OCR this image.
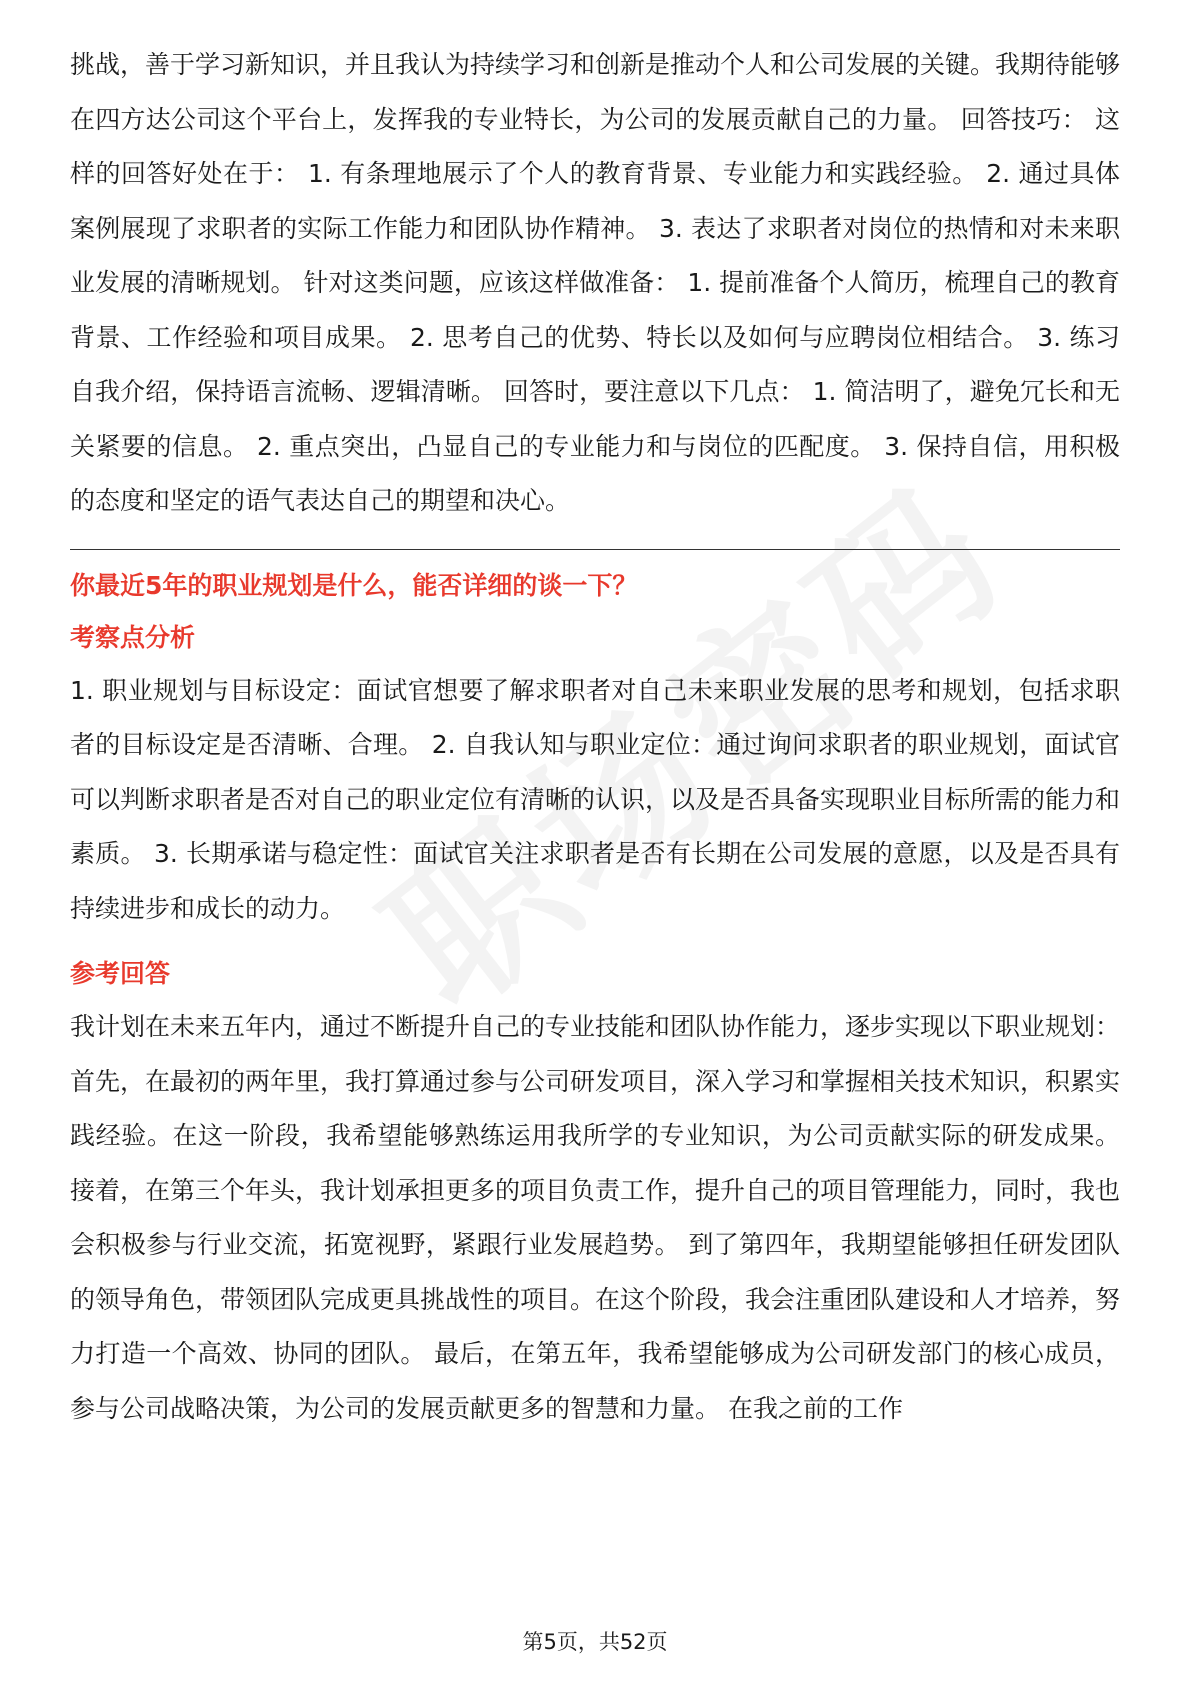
挑战，善于学习新知识，并且我认为持续学习和创新是推动个人和公司发展的关键。我期待能够在四方达公司这个平台上，发挥我的专业特长，为公司的发展贡献自己的力量。 回答技巧： 这样的回答好处在于： 1. 有条理地展示了个人的教育背景、专业能力和实践经验。 2. 通过具体案例展现了求职者的实际工作能力和团队协作精神。 3. 表达了求职者对岗位的热情和对未来职业发展的清晰规划。 针对这类问题，应该这样做准备： 1. 提前准备个人简历，梳理自己的教育背景、工作经验和项目成果。 2. 思考自己的优势、特长以及如何与应聘岗位相结合。 3. 练习自我介绍，保持语言流畅、逻辑清晰。 回答时，要注意以下几点： 1. 简洁明了，避免冗长和无关紧要的信息。 2. 重点突出，凸显自己的专业能力和与岗位的匹配度。 3. 保持自信，用积极的态度和坚定的语气表达自己的期望和决心。

你最近5年的职业规划是什么，能否详细的谈一下？

考察点分析

1. 职业规划与目标设定：面试官想要了解求职者对自己未来职业发展的思考和规划，包括求职者的目标设定是否清晰、合理。 2. 自我认知与职业定位：通过询问求职者的职业规划，面试官可以判断求职者是否对自己的职业定位有清晰的认识，以及是否具备实现职业目标所需的能力和素质。 3. 长期承诺与稳定性：面试官关注求职者是否有长期在公司发展的意愿，以及是否具有持续进步和成长的动力。

参考回答

我计划在未来五年内，通过不断提升自己的专业技能和团队协作能力，逐步实现以下职业规划： 首先，在最初的两年里，我打算通过参与公司研发项目，深入学习和掌握相关技术知识，积累实践经验。在这一阶段，我希望能够熟练运用我所学的专业知识，为公司贡献实际的研发成果。 接着，在第三个年头，我计划承担更多的项目负责工作，提升自己的项目管理能力，同时，我也会积极参与行业交流，拓宽视野，紧跟行业发展趋势。 到了第四年，我期望能够担任研发团队的领导角色，带领团队完成更具挑战性的项目。在这个阶段，我会注重团队建设和人才培养，努力打造一个高效、协同的团队。 最后，在第五年，我希望能够成为公司研发部门的核心成员，参与公司战略决策，为公司的发展贡献更多的智慧和力量。 在我之前的工作

第5页，共52页
